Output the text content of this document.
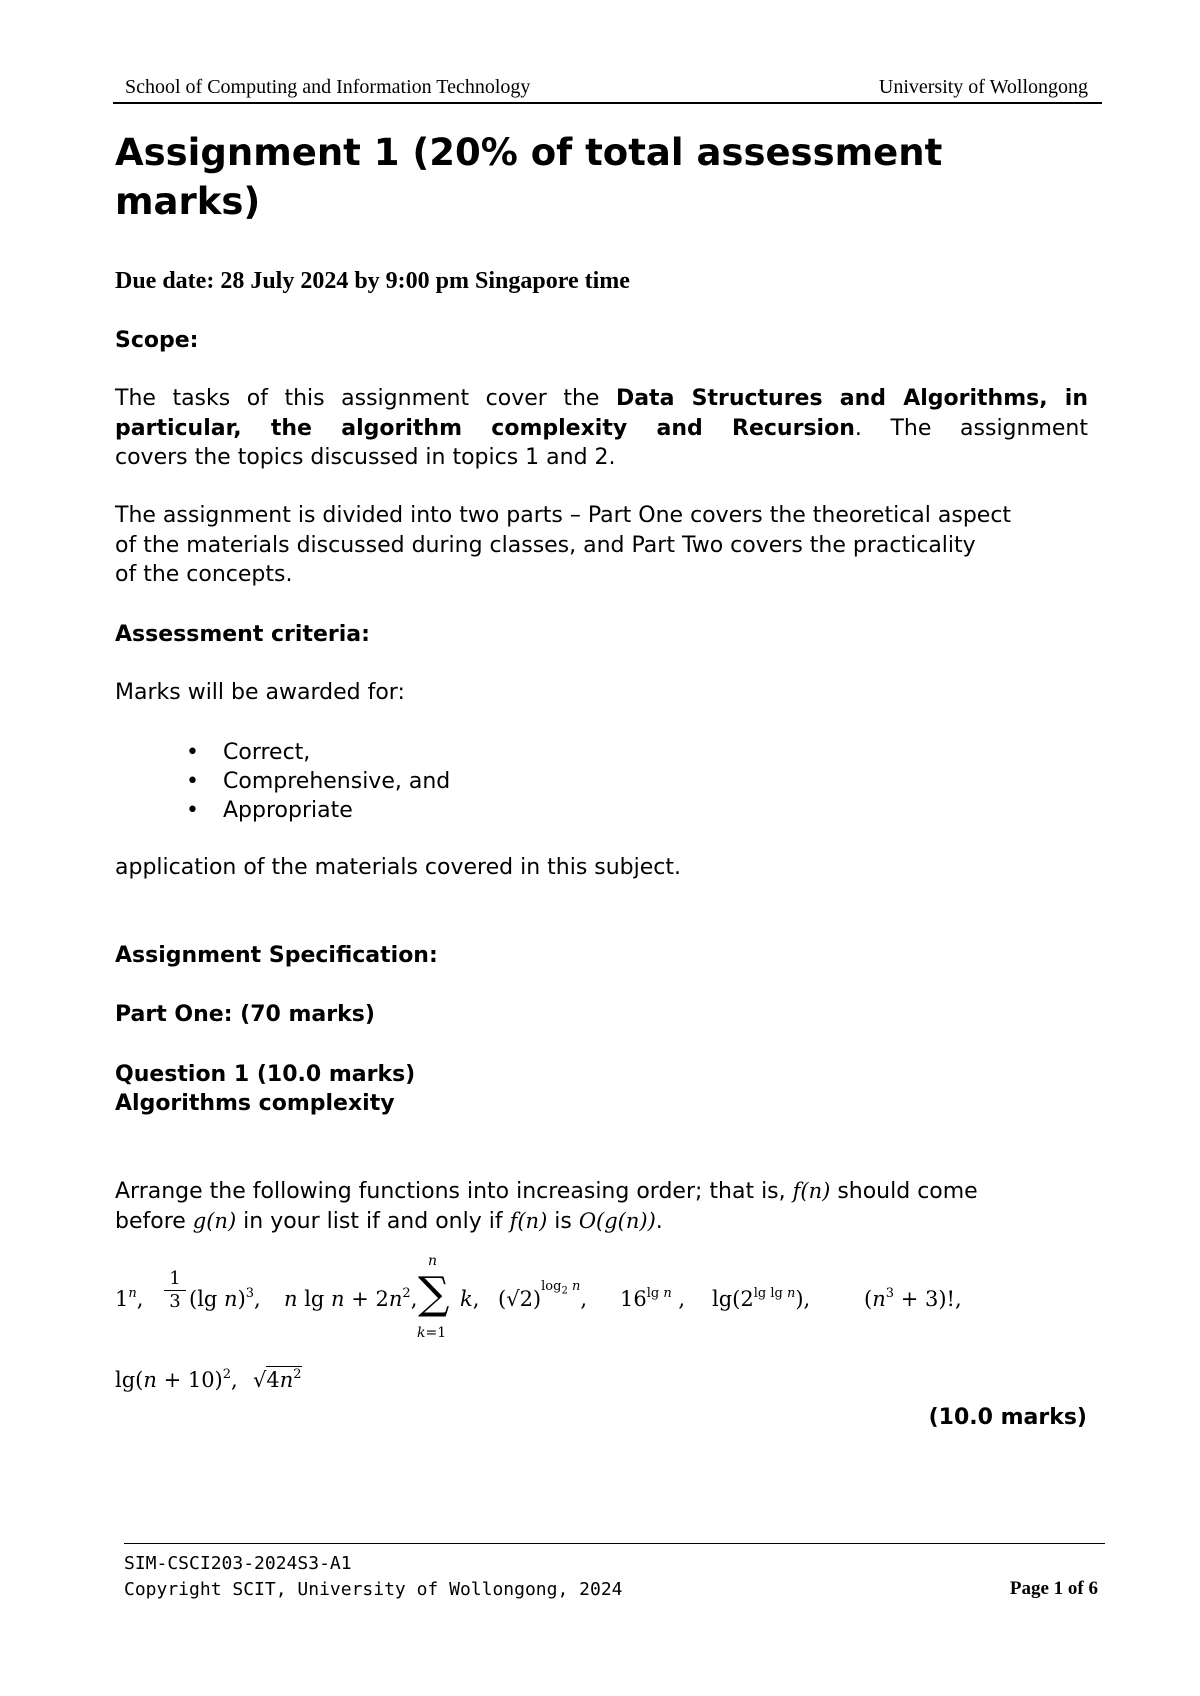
School of Computing and Information Technology	University of Wollongong
Assignment 1 (20% of total assessment marks)
Due date: 28 July 2024 by 9:00 pm Singapore time
Scope:
The tasks of this assignment cover the Data Structures and Algorithms, in
particular, the algorithm complexity and Recursion. The assignment
covers the topics discussed in topics 1 and 2.
The assignment is divided into two parts – Part One covers the theoretical aspect
of the materials discussed during classes, and Part Two covers the practicality
of the concepts.
Assessment criteria:
Marks will be awarded for:
• Correct,
• Comprehensive, and
• Appropriate
application of the materials covered in this subject.
Assignment Specification:
Part One: (70 marks)
Question 1 (10.0 marks)
Algorithms complexity
Arrange the following functions into increasing order; that is, f(n) should come
before g(n) in your list if and only if f(n) is O(g(n)).
1$^n$,
1
3 (lg n)$^3$, n $\lg n + 2n^2$,
n
∑
k=1
k, $(√2)^{log_2 n}$, $16^{lg n}$ , $\lg(2^{lg lg n})$,	$(n^3 + 3)$!,
$\lg(n + 10)^2$, $√4n^2$
(10.0 marks)
SIM-CSCI203-2024S3-A1
Copyright SCIT, University of Wollongong, 2024	Page 1 of 6
